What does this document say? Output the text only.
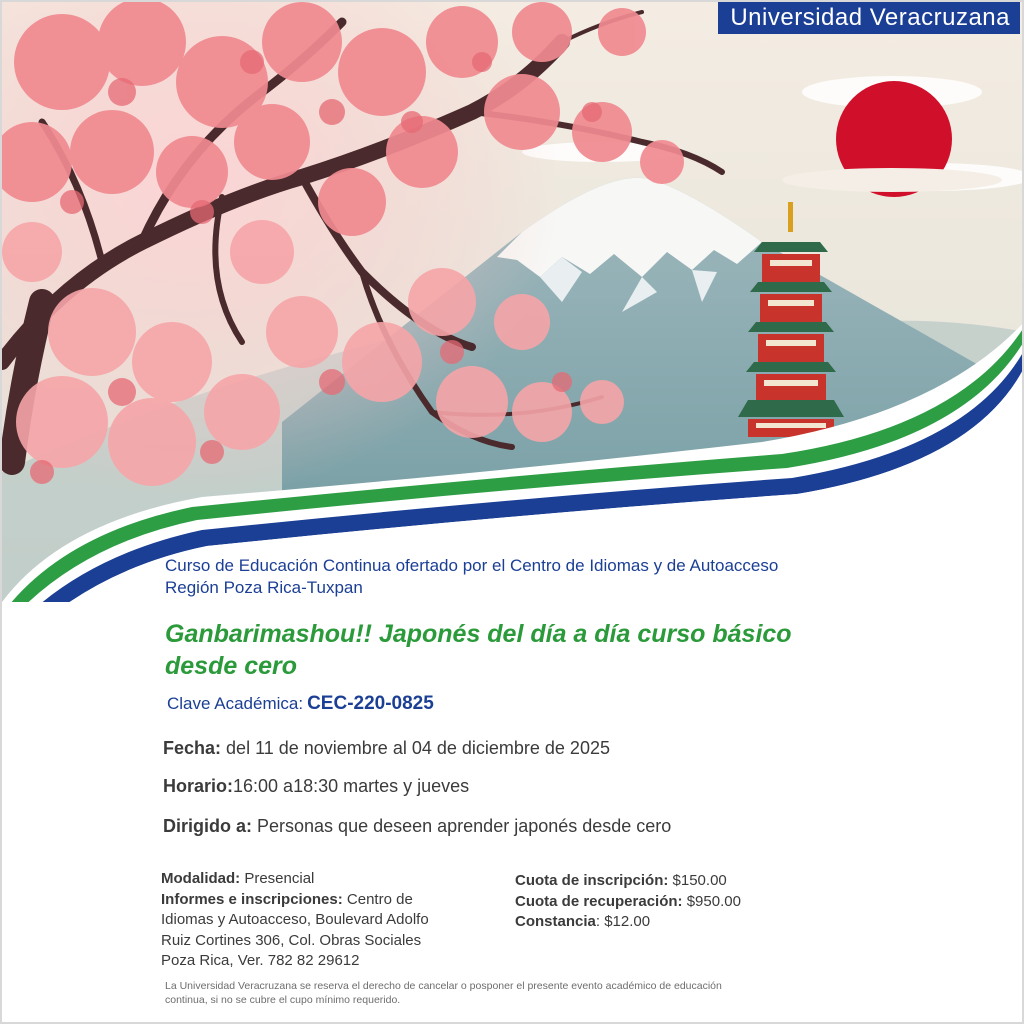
Universidad Veracruzana
Curso de Educación Continua ofertado por el Centro de Idiomas y de Autoacceso
Región Poza Rica-Tuxpan
Ganbarimashou!! Japonés del día a día curso básico
desde cero
Clave Académica: CEC-220-0825
Fecha: del 11 de noviembre al 04 de diciembre de 2025
Horario:16:00 a18:30 martes y jueves
Dirigido a: Personas que deseen aprender japonés desde cero
Modalidad: Presencial
Informes e inscripciones: Centro de
Idiomas y Autoacceso, Boulevard Adolfo
Ruiz Cortines 306, Col. Obras Sociales
Poza Rica, Ver. 782 82 29612
Cuota de inscripción: $150.00
Cuota de recuperación: $950.00
Constancia: $12.00
La Universidad Veracruzana se reserva el derecho de cancelar o posponer el presente evento académico de educación
continua, si no se cubre el cupo mínimo requerido.
